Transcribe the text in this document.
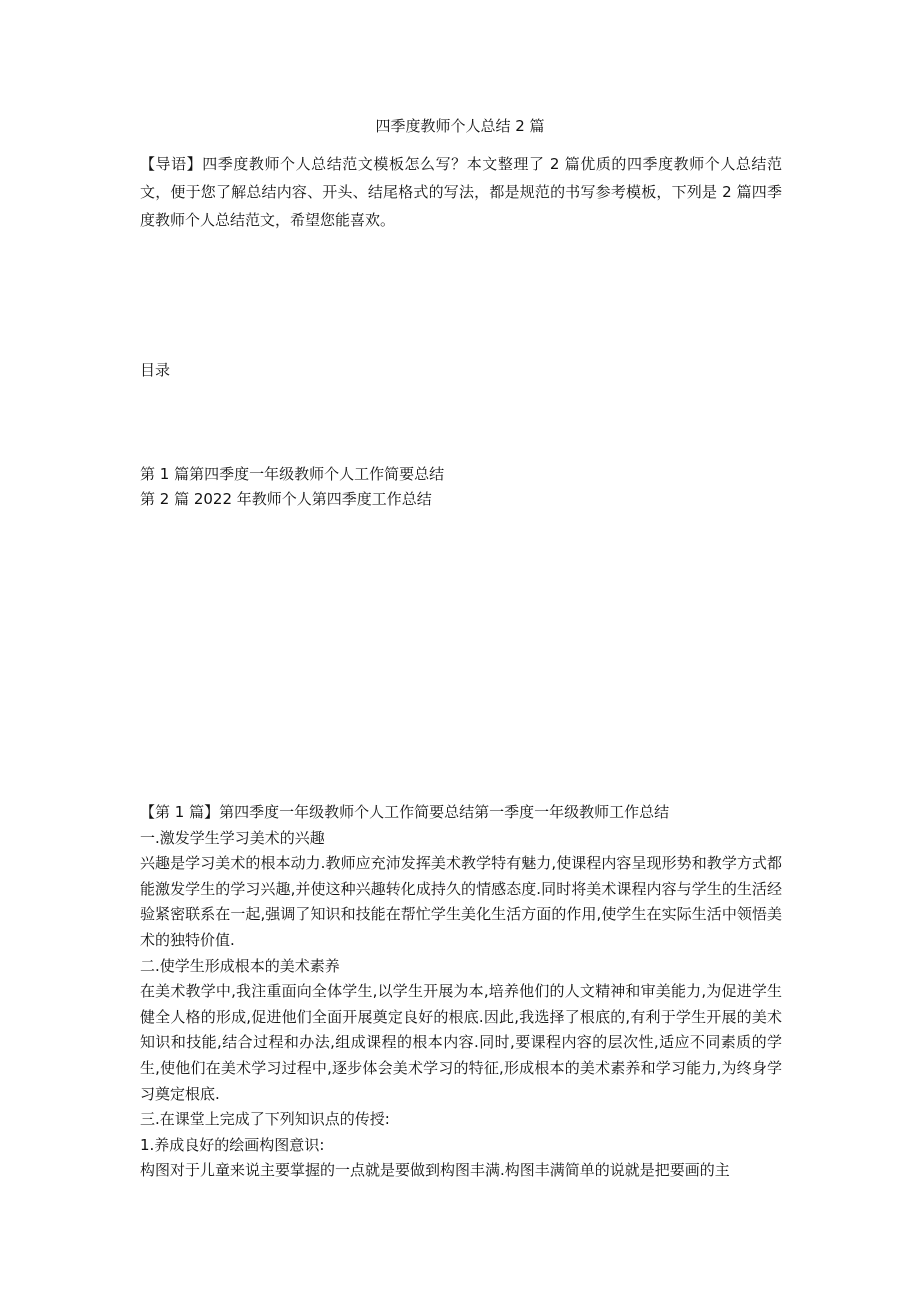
四季度教师个人总结 2 篇

【导语】四季度教师个人总结范文模板怎么写？本文整理了 2 篇优质的四季度教师个人总结范文，便于您了解总结内容、开头、结尾格式的写法，都是规范的书写参考模板，下列是 2 篇四季度教师个人总结范文，希望您能喜欢。

目录

第 1 篇第四季度一年级教师个人工作简要总结
第 2 篇 2022 年教师个人第四季度工作总结

【第 1 篇】第四季度一年级教师个人工作简要总结第一季度一年级教师工作总结

一.激发学生学习美术的兴趣

兴趣是学习美术的根本动力.教师应充沛发挥美术教学特有魅力,使课程内容呈现形势和教学方式都能激发学生的学习兴趣,并使这种兴趣转化成持久的情感态度.同时将美术课程内容与学生的生活经验紧密联系在一起,强调了知识和技能在帮忙学生美化生活方面的作用,使学生在实际生活中领悟美术的独特价值.

二.使学生形成根本的美术素养

在美术教学中,我注重面向全体学生,以学生开展为本,培养他们的人文精神和审美能力,为促进学生健全人格的形成,促进他们全面开展奠定良好的根底.因此,我选择了根底的,有利于学生开展的美术知识和技能,结合过程和办法,组成课程的根本内容.同时,要课程内容的层次性,适应不同素质的学生,使他们在美术学习过程中,逐步体会美术学习的特征,形成根本的美术素养和学习能力,为终身学习奠定根底.

三.在课堂上完成了下列知识点的传授:

1.养成良好的绘画构图意识:

构图对于儿童来说主要掌握的一点就是要做到构图丰满.构图丰满简单的说就是把要画的主
